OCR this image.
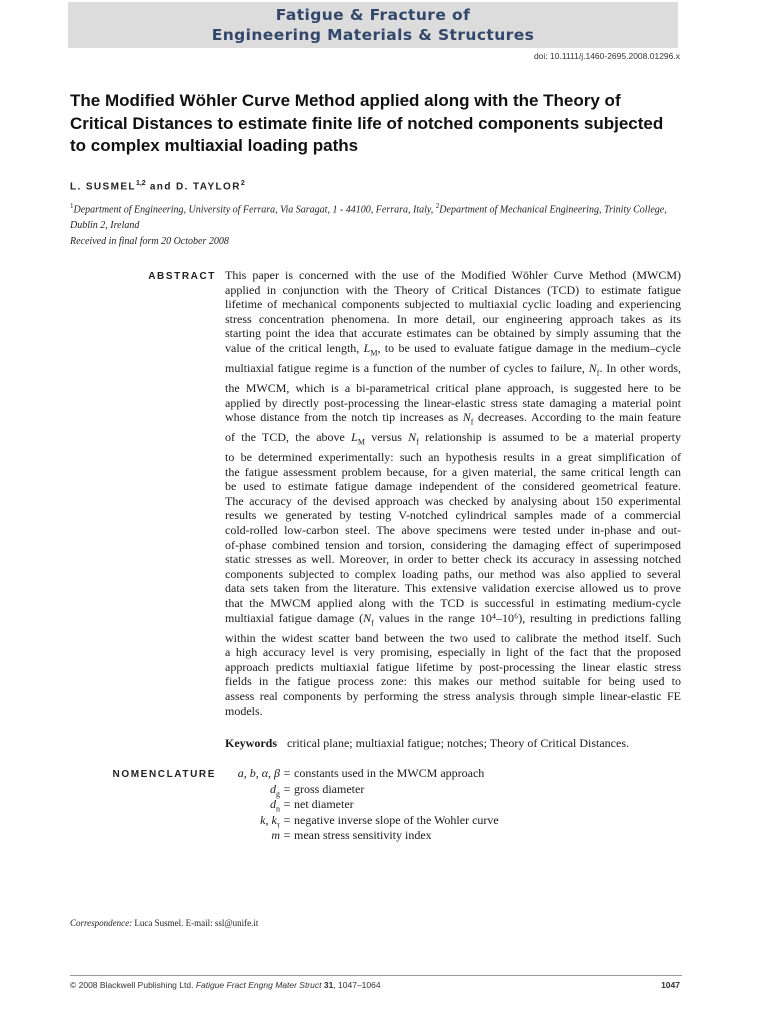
Fatigue & Fracture of
Engineering Materials & Structures
doi: 10.1111/j.1460-2695.2008.01296.x
The Modified Wöhler Curve Method applied along with the Theory of Critical Distances to estimate finite life of notched components subjected to complex multiaxial loading paths
L. SUSMEL$^{1,2}$ and D. TAYLOR$^2$
$^1$Department of Engineering, University of Ferrara, Via Saragat, 1 - 44100, Ferrara, Italy, $^2$Department of Mechanical Engineering, Trinity College, Dublin 2, Ireland
Received in final form 20 October 2008
ABSTRACT This paper is concerned with the use of the Modified Wöhler Curve Method (MWCM)
applied in conjunction with the Theory of Critical Distances (TCD) to estimate fatigue
lifetime of mechanical components subjected to multiaxial cyclic loading and experiencing
stress concentration phenomena. In more detail, our engineering approach takes as its
starting point the idea that accurate estimates can be obtained by simply assuming that the
value of the critical length, $L_M$, to be used to evaluate fatigue damage in the medium–cycle
multiaxial fatigue regime is a function of the number of cycles to failure, $N_f$. In other words,
the MWCM, which is a bi-parametrical critical plane approach, is suggested here to be
applied by directly post-processing the linear-elastic stress state damaging a material point
whose distance from the notch tip increases as $N_f$ decreases. According to the main feature
of the TCD, the above $L_M$ versus $N_f$ relationship is assumed to be a material property
to be determined experimentally: such an hypothesis results in a great simplification of
the fatigue assessment problem because, for a given material, the same critical length can
be used to estimate fatigue damage independent of the considered geometrical feature.
The accuracy of the devised approach was checked by analysing about 150 experimental
results we generated by testing V-notched cylindrical samples made of a commercial
cold-rolled low-carbon steel. The above specimens were tested under in-phase and out-
of-phase combined tension and torsion, considering the damaging effect of superimposed
static stresses as well. Moreover, in order to better check its accuracy in assessing notched
components subjected to complex loading paths, our method was also applied to several
data sets taken from the literature. This extensive validation exercise allowed us to prove
that the MWCM applied along with the TCD is successful in estimating medium-cycle
multiaxial fatigue damage ($N_f$ values in the range 10⁴–10⁶), resulting in predictions falling
within the widest scatter band between the two used to calibrate the method itself. Such
a high accuracy level is very promising, especially in light of the fact that the proposed
approach predicts multiaxial fatigue lifetime by post-processing the linear elastic stress
fields in the fatigue process zone: this makes our method suitable for being used to
assess real components by performing the stress analysis through simple linear-elastic FE
models.
Keywords critical plane; multiaxial fatigue; notches; Theory of Critical Distances.
NOMENCLATURE	a, b, α, β = constants used in the MWCM approach
$d_g$ = gross diameter
$d_n$ = net diameter
k, $k_\tau$ = negative inverse slope of the Wohler curve
m = mean stress sensitivity index
Correspondence: Luca Susmel. E-mail: ssl@unife.it
© 2008 Blackwell Publishing Ltd. Fatigue Fract Engng Mater Struct 31, 1047–1064	1047
